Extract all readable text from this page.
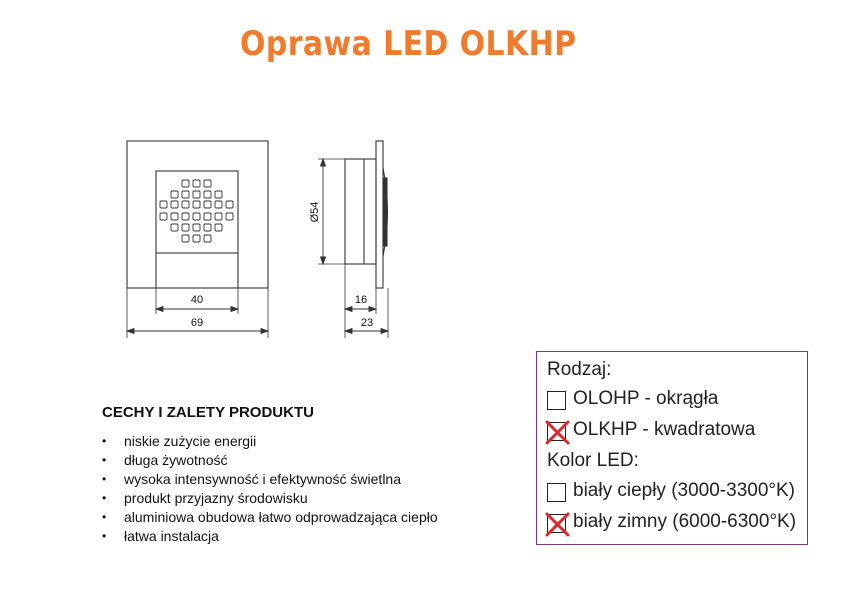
Oprawa LED OLKHP
40
69
Ø54
16
23
CECHY I ZALETY PRODUKTU
• niskie zużycie energii
• długa żywotność
• wysoka intensywność i efektywność świetlna
• produkt przyjazny środowisku
• aluminiowa obudowa łatwo odprowadzająca ciepło
• łatwa instalacja
Rodzaj:
OLOHP - okrągła
OLKHP - kwadratowa
Kolor LED:
biały ciepły (3000-3300°K)
biały zimny (6000-6300°K)
